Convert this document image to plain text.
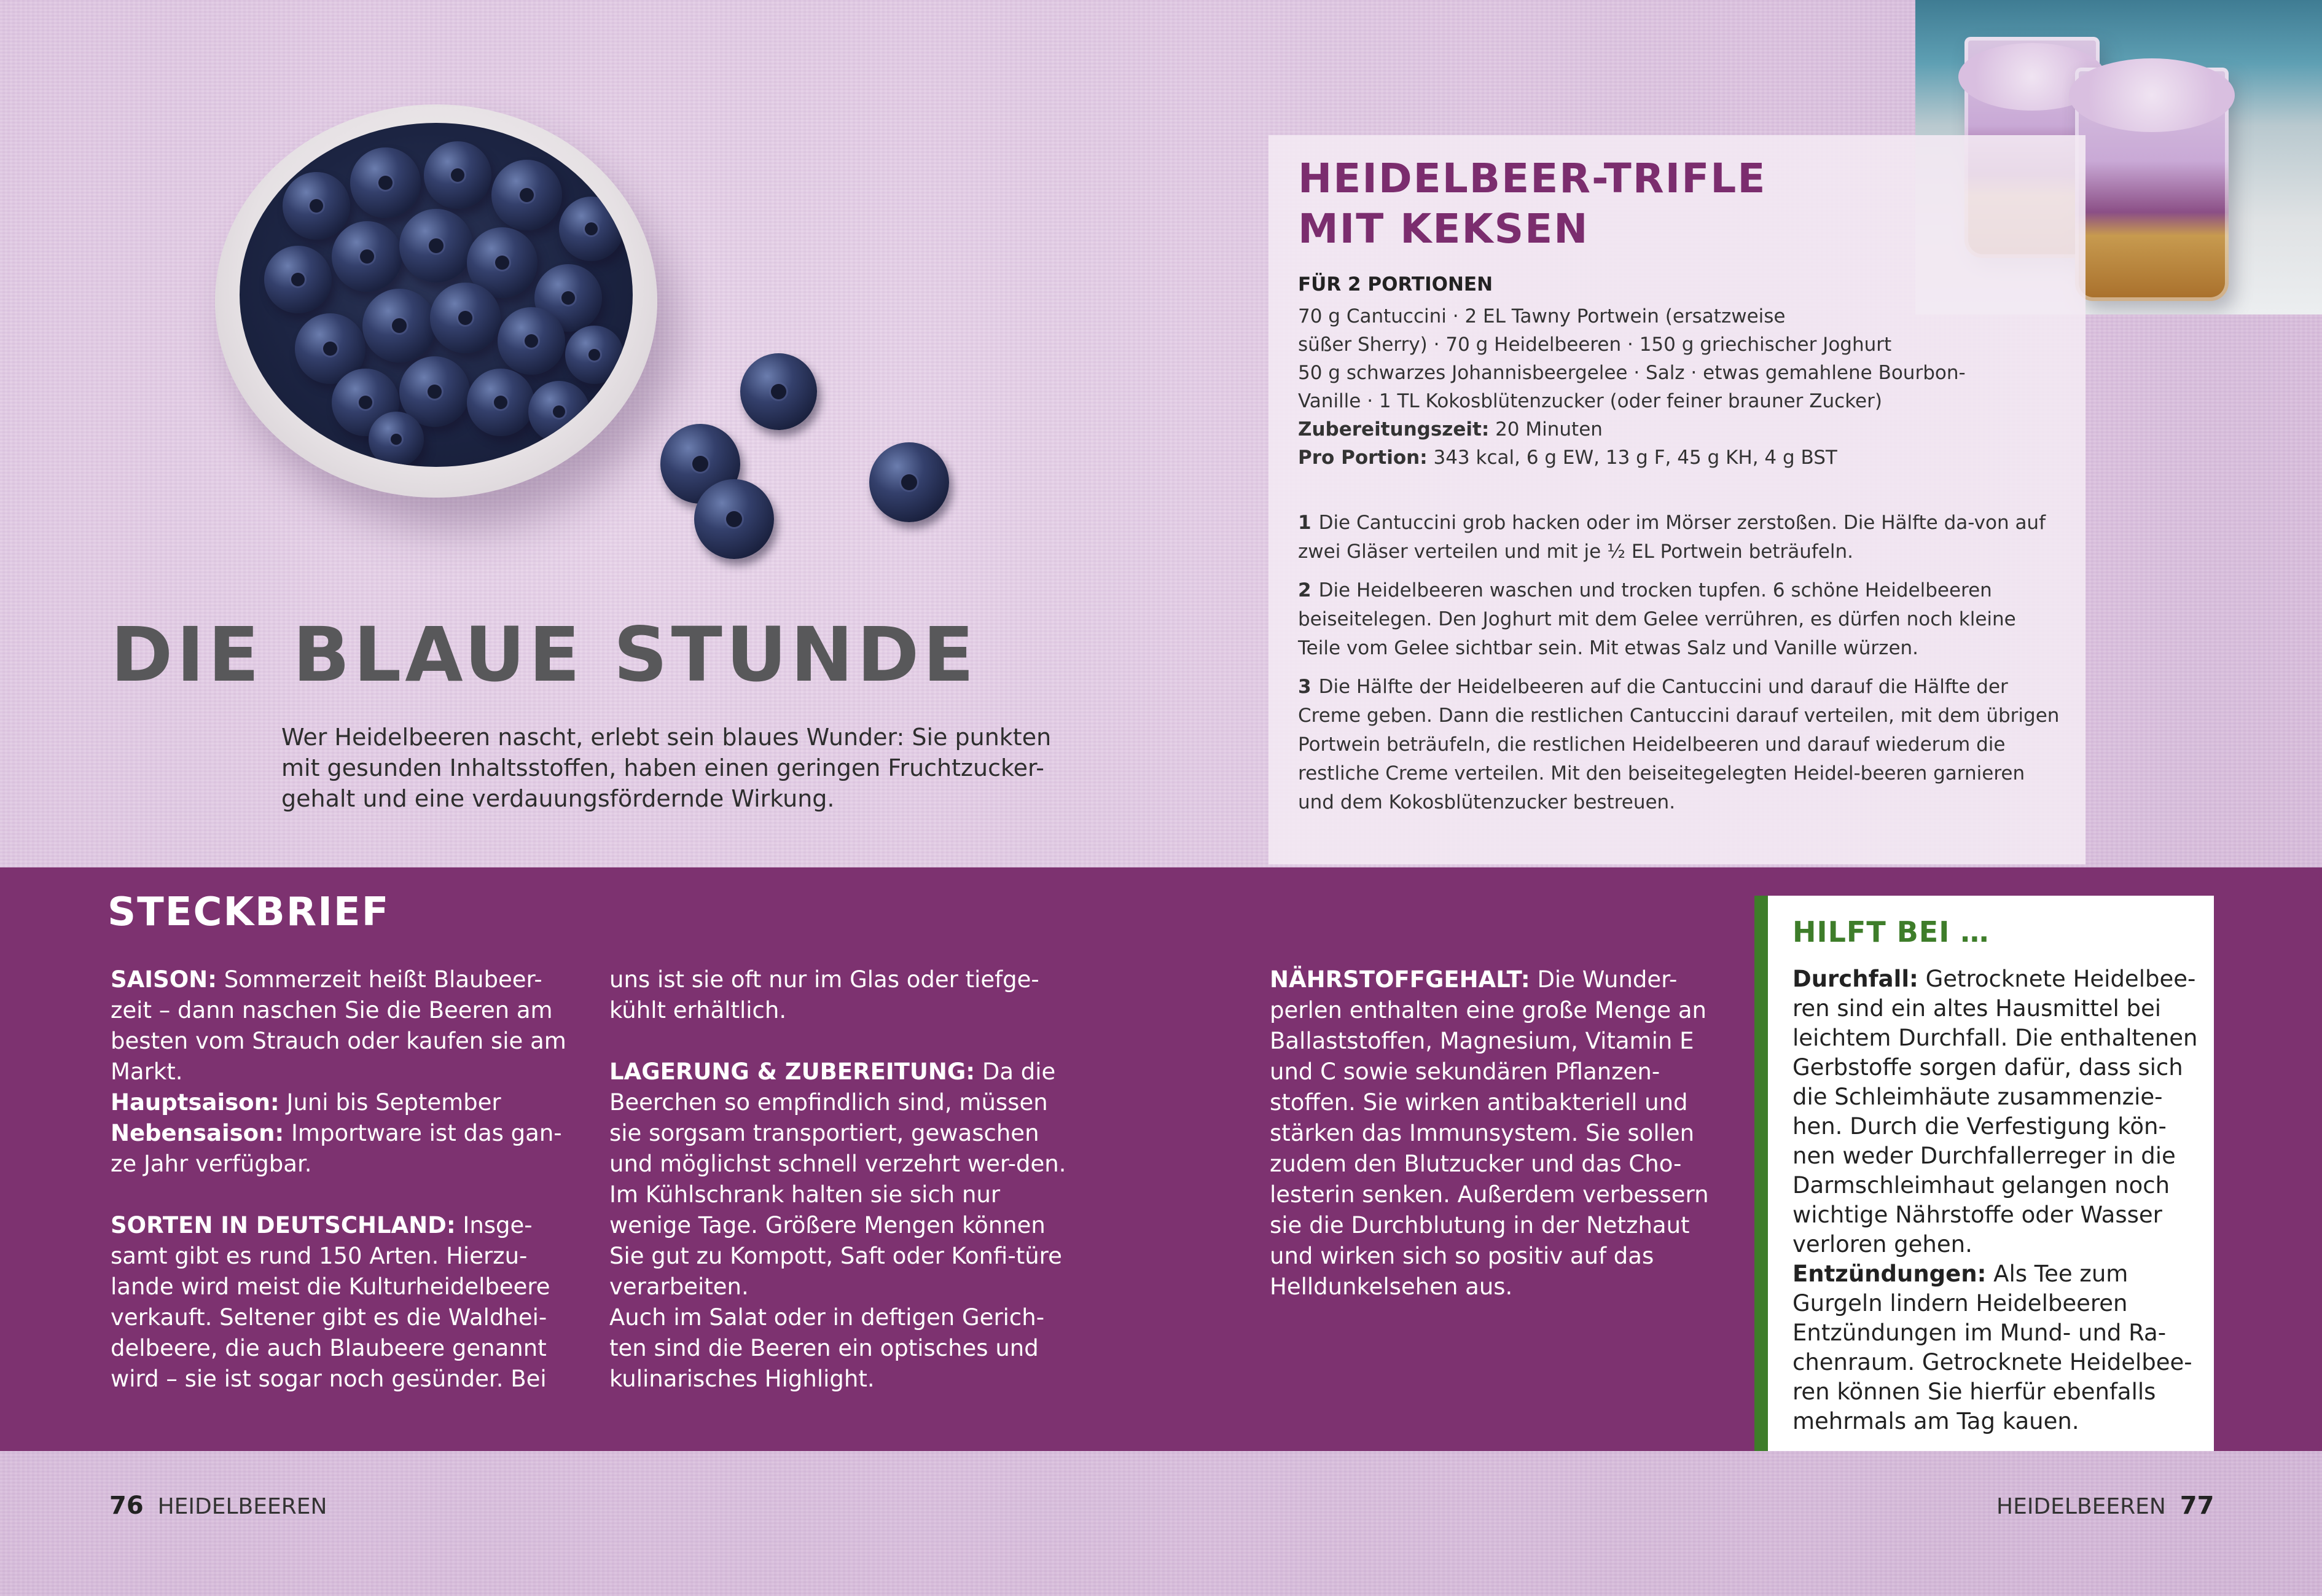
HEIDELBEER-TRIFLE
MIT KEKSEN
FÜR 2 PORTIONEN
70 g Cantuccini · 2 EL Tawny Portwein (ersatzweise
süßer Sherry) · 70 g Heidelbeeren · 150 g griechischer Joghurt
50 g schwarzes Johannisbeergelee · Salz · etwas gemahlene Bourbon-
Vanille · 1 TL Kokosblütenzucker (oder feiner brauner Zucker)
Zubereitungszeit: 20 Minuten
Pro Portion: 343 kcal, 6 g EW, 13 g F, 45 g KH, 4 g BST
1 Die Cantuccini grob hacken oder im Mörser zerstoßen. Die Hälfte da-von auf zwei Gläser verteilen und mit je ½ EL Portwein beträufeln.
2 Die Heidelbeeren waschen und trocken tupfen. 6 schöne Heidelbeeren beiseitelegen. Den Joghurt mit dem Gelee verrühren, es dürfen noch kleine Teile vom Gelee sichtbar sein. Mit etwas Salz und Vanille würzen.
3 Die Hälfte der Heidelbeeren auf die Cantuccini und darauf die Hälfte der Creme geben. Dann die restlichen Cantuccini darauf verteilen, mit dem übrigen Portwein beträufeln, die restlichen Heidelbeeren und darauf wiederum die restliche Creme verteilen. Mit den beiseitegelegten Heidel-beeren garnieren und dem Kokosblütenzucker bestreuen.
DIE BLAUE STUNDE
Wer Heidelbeeren nascht, erlebt sein blaues Wunder: Sie punkten mit gesunden Inhaltsstoffen, haben einen geringen Fruchtzucker-gehalt und eine verdauungsfördernde Wirkung.
STECKBRIEF
SAISON: Sommerzeit heißt Blaubeer-zeit – dann naschen Sie die Beeren am besten vom Strauch oder kaufen sie am Markt.
Hauptsaison: Juni bis September
Nebensaison: Importware ist das gan-ze Jahr verfügbar.
SORTEN IN DEUTSCHLAND: Insge-samt gibt es rund 150 Arten. Hierzu-lande wird meist die Kulturheidelbeere verkauft. Seltener gibt es die Waldhei-delbeere, die auch Blaubeere genannt wird – sie ist sogar noch gesünder. Bei
uns ist sie oft nur im Glas oder tiefge-kühlt erhältlich.
LAGERUNG & ZUBEREITUNG: Da die Beerchen so empfindlich sind, müssen sie sorgsam transportiert, gewaschen und möglichst schnell verzehrt wer-den. Im Kühlschrank halten sie sich nur wenige Tage. Größere Mengen können Sie gut zu Kompott, Saft oder Konfi-türe verarbeiten.
Auch im Salat oder in deftigen Gerich-ten sind die Beeren ein optisches und kulinarisches Highlight.
NÄHRSTOFFGEHALT: Die Wunder-perlen enthalten eine große Menge an Ballaststoffen, Magnesium, Vitamin E und C sowie sekundären Pflanzen-stoffen. Sie wirken antibakteriell und stärken das Immunsystem. Sie sollen zudem den Blutzucker und das Cho-lesterin senken. Außerdem verbessern sie die Durchblutung in der Netzhaut und wirken sich so positiv auf das Helldunkelsehen aus.
HILFT BEI …
Durchfall: Getrocknete Heidelbee-ren sind ein altes Hausmittel bei leichtem Durchfall. Die enthaltenen Gerbstoffe sorgen dafür, dass sich die Schleimhäute zusammenzie-hen. Durch die Verfestigung kön-nen weder Durchfallerreger in die Darmschleimhaut gelangen noch wichtige Nährstoffe oder Wasser verloren gehen.
Entzündungen: Als Tee zum Gurgeln lindern Heidelbeeren Entzündungen im Mund- und Ra-chenraum. Getrocknete Heidelbee-ren können Sie hierfür ebenfalls mehrmals am Tag kauen.
76 HEIDELBEEREN	HEIDELBEEREN 77
